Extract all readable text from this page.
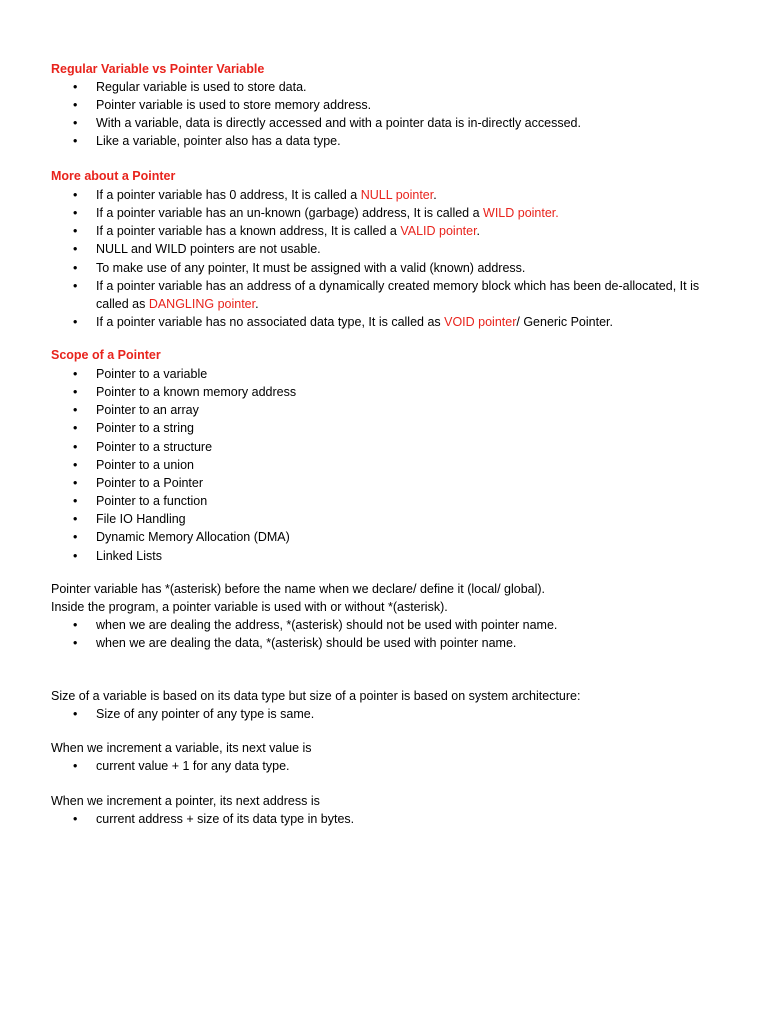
Regular Variable vs Pointer Variable
• Regular variable is used to store data.
• Pointer variable is used to store memory address.
• With a variable, data is directly accessed and with a pointer data is in-directly accessed.
• Like a variable, pointer also has a data type.
More about a Pointer
• If a pointer variable has 0 address, It is called a NULL pointer.
• If a pointer variable has an un-known (garbage) address, It is called a WILD pointer.
• If a pointer variable has a known address, It is called a VALID pointer.
• NULL and WILD pointers are not usable.
• To make use of any pointer, It must be assigned with a valid (known) address.
• If a pointer variable has an address of a dynamically created memory block which has been de-allocated, It is called as DANGLING pointer.
• If a pointer variable has no associated data type, It is called as VOID pointer/ Generic Pointer.
Scope of a Pointer
• Pointer to a variable
• Pointer to a known memory address
• Pointer to an array
• Pointer to a string
• Pointer to a structure
• Pointer to a union
• Pointer to a Pointer
• Pointer to a function
• File IO Handling
• Dynamic Memory Allocation (DMA)
• Linked Lists

Pointer variable has *(asterisk) before the name when we declare/ define it (local/ global).

Inside the program, a pointer variable is used with or without *(asterisk).

• when we are dealing the address, *(asterisk) should not be used with pointer name.
• when we are dealing the data, *(asterisk) should be used with pointer name.

Size of a variable is based on its data type but size of a pointer is based on system architecture:

• Size of any pointer of any type is same.

When we increment a variable, its next value is

• current value + 1 for any data type.

When we increment a pointer, its next address is

• current address + size of its data type in bytes.
